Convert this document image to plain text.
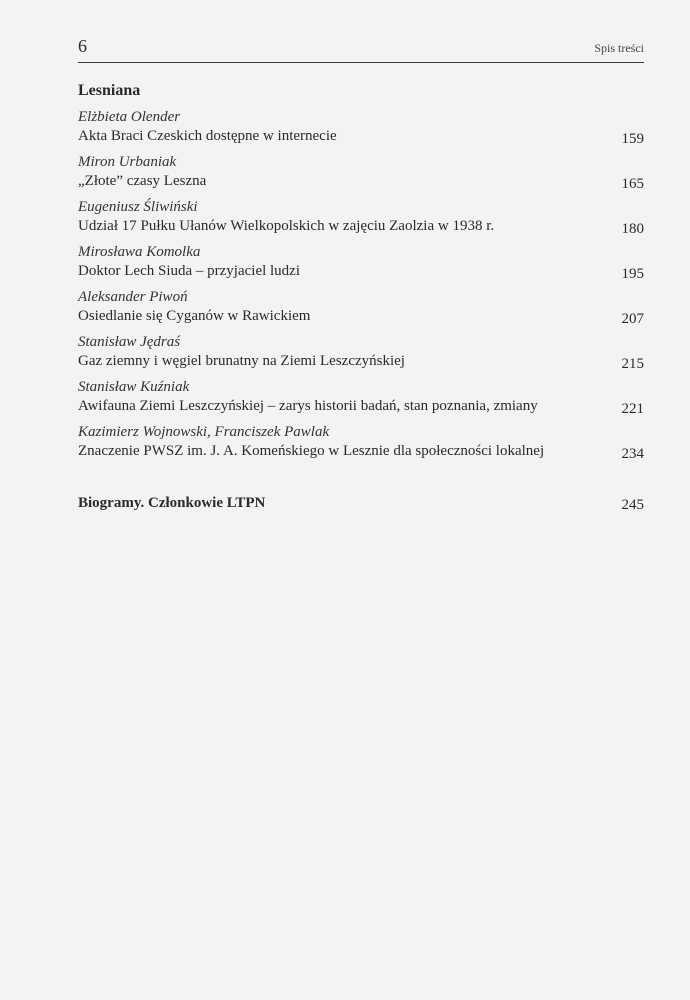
6	Spis treści
Lesniana
Elżbieta Olender
Akta Braci Czeskich dostępne w internecie	159
Miron Urbaniak
„Złote” czasy Leszna	165
Eugeniusz Śliwiński
Udział 17 Pułku Ułanów Wielkopolskich w zajęciu Zaolzia w 1938 r.	180
Mirosława Komolka
Doktor Lech Siuda – przyjaciel ludzi	195
Aleksander Piwoń
Osiedlanie się Cyganów w Rawickiem	207
Stanisław Jędraś
Gaz ziemny i węgiel brunatny na Ziemi Leszczyńskiej	215
Stanisław Kuźniak
Awifauna Ziemi Leszczyńskiej – zarys historii badań, stan poznania, zmiany	221
Kazimierz Wojnowski, Franciszek Pawlak
Znaczenie PWSZ im. J. A. Komeńskiego w Lesznie dla społeczności lokalnej	234
Biogramy. Członkowie LTPN	245
